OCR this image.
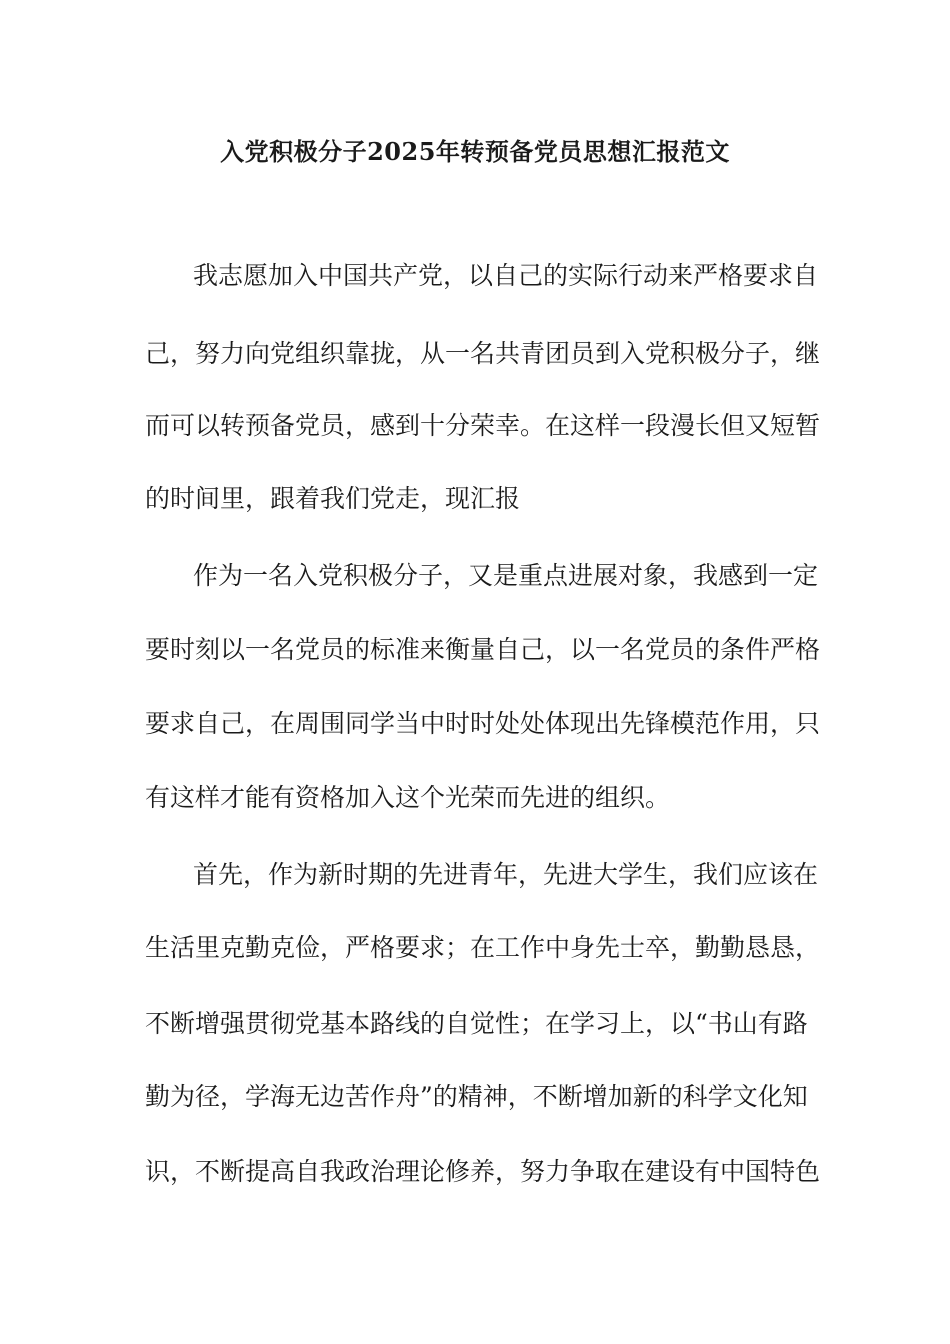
入党积极分子2025年转预备党员思想汇报范文
我志愿加入中国共产党，以自己的实际行动来严格要求自
己，努力向党组织靠拢，从一名共青团员到入党积极分子，继
而可以转预备党员，感到十分荣幸。在这样一段漫长但又短暂
的时间里，跟着我们党走，现汇报
作为一名入党积极分子，又是重点进展对象，我感到一定
要时刻以一名党员的标准来衡量自己，以一名党员的条件严格
要求自己，在周围同学当中时时处处体现出先锋模范作用，只
有这样才能有资格加入这个光荣而先进的组织。
首先，作为新时期的先进青年，先进大学生，我们应该在
生活里克勤克俭，严格要求；在工作中身先士卒，勤勤恳恳，
不断增强贯彻党基本路线的自觉性；在学习上，以“书山有路
勤为径，学海无边苦作舟”的精神，不断增加新的科学文化知
识，不断提高自我政治理论修养，努力争取在建设有中国特色
